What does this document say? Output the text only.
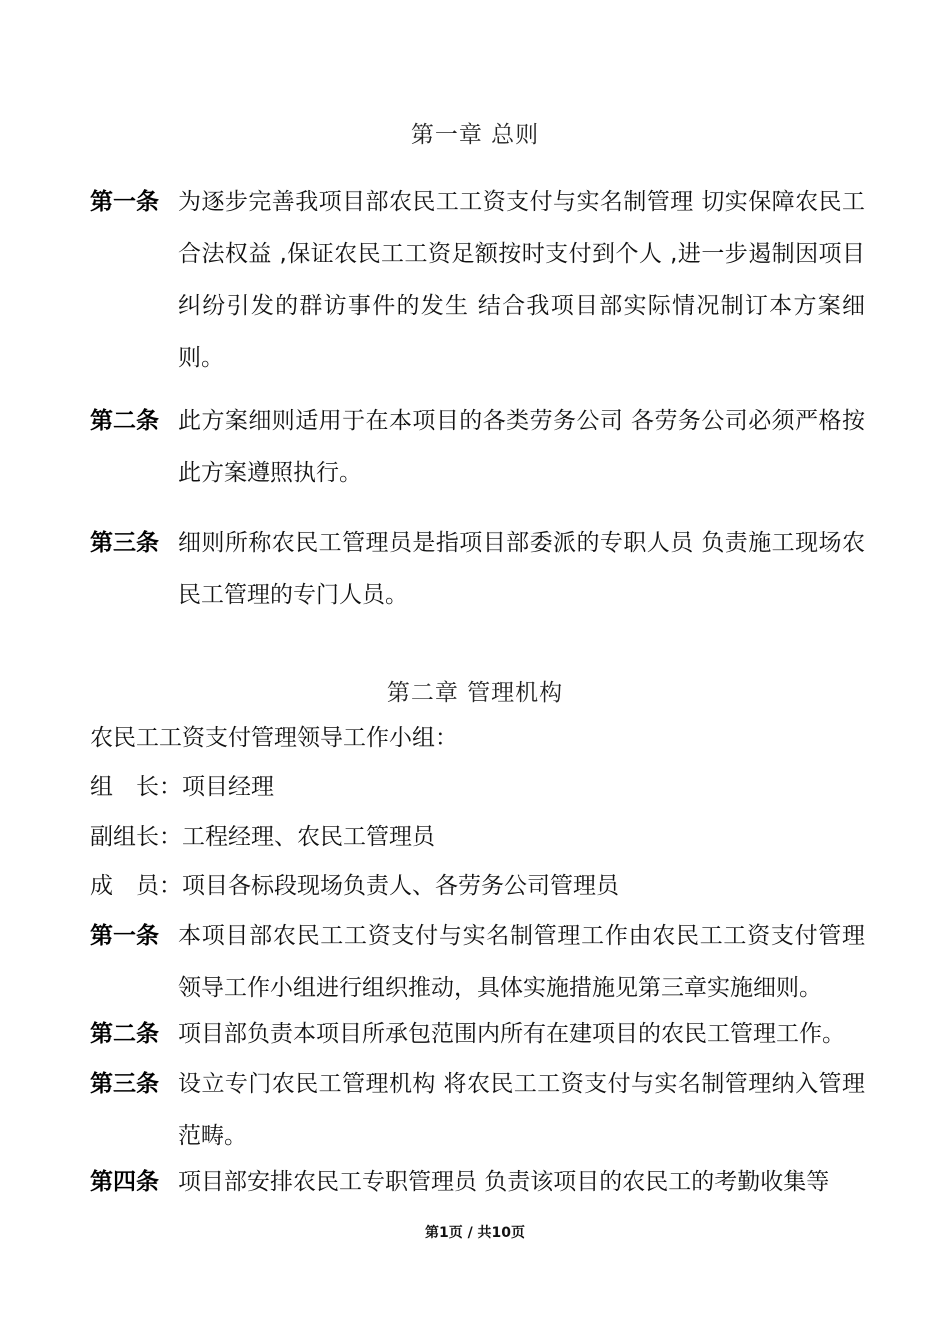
第一章 总则
第一条 为逐步完善我项目部农民工工资支付与实名制管理 切实保障农民工合法权益 ,保证农民工工资足额按时支付到个人 ,进一步遏制因项目纠纷引发的群访事件的发生 结合我项目部实际情况制订本方案细则。
第二条 此方案细则适用于在本项目的各类劳务公司 各劳务公司必须严格按此方案遵照执行。
第三条 细则所称农民工管理员是指项目部委派的专职人员 负责施工现场农民工管理的专门人员。
第二章 管理机构
农民工工资支付管理领导工作小组：
组　长：项目经理
副组长：工程经理、农民工管理员
成　员：项目各标段现场负责人、各劳务公司管理员
第一条 本项目部农民工工资支付与实名制管理工作由农民工工资支付管理领导工作小组进行组织推动，具体实施措施见第三章实施细则。
第二条 项目部负责本项目所承包范围内所有在建项目的农民工管理工作。
第三条 设立专门农民工管理机构 将农民工工资支付与实名制管理纳入管理范畴。
第四条 项目部安排农民工专职管理员 负责该项目的农民工的考勤收集等
第1页 / 共10页
